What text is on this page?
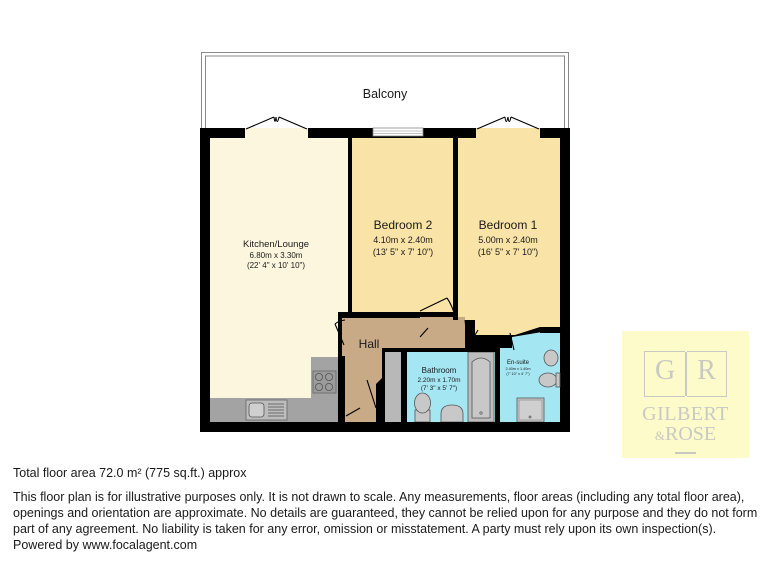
Balcony
Kitchen/Lounge
6.80m x 3.30m
(22' 4" x 10' 10")
Bedroom 2
4.10m x 2.40m
(13' 5" x 7' 10")
Bedroom 1
5.00m x 2.40m
(16' 5" x 7' 10")
Hall
Bathroom
2.20m x 1.70m
(7' 3" x 5' 7")
En-suite
2.40m x 1.40m
(7' 10" x 4' 7")	G R
GILBERT
&ROSE
Total floor area 72.0 m² (775 sq.ft.) approx
This floor plan is for illustrative purposes only. It is not drawn to scale. Any measurements, floor areas (including any total floor area), openings and orientation are approximate. No details are guaranteed, they cannot be relied upon for any purpose and they do not form part of any agreement. No liability is taken for any error, omission or misstatement. A party must rely upon its own inspection(s). Powered by www.focalagent.com
